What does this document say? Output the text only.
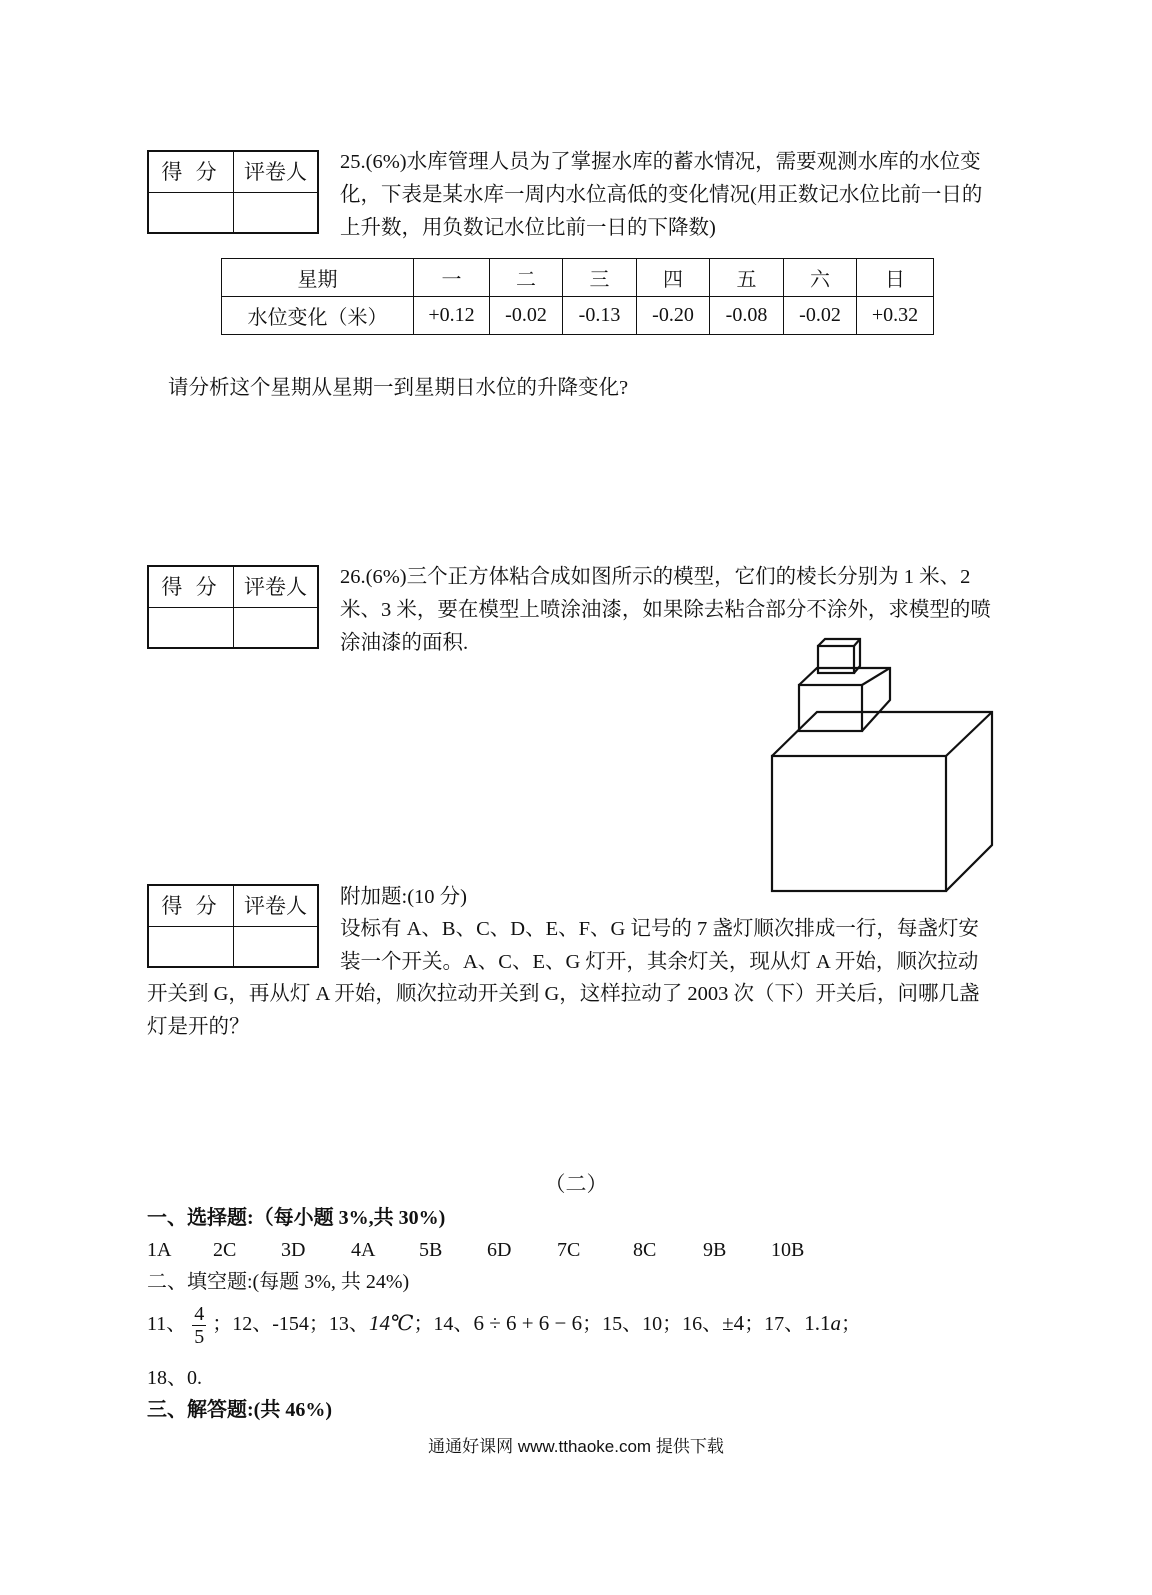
得 分	评卷人	25.(6%)水库管理人员为了掌握水库的蓄水情况，需要观测水库的水位变
化，下表是某水库一周内水位高低的变化情况(用正数记水位比前一日的
上升数，用负数记水位比前一日的下降数)
星期	一	二	三	四	五	六	日
水位变化（米）	+0.12	-0.02	-0.13	-0.20	-0.08	-0.02	+0.32
请分析这个星期从星期一到星期日水位的升降变化?
得 分	评卷人	26.(6%)三个正方体粘合成如图所示的模型，它们的棱长分别为 1 米、2
米、3 米，要在模型上喷涂油漆，如果除去粘合部分不涂外，求模型的喷
涂油漆的面积.
得 分	评卷人	附加题:(10 分)
设标有 A、B、C、D、E、F、G 记号的 7 盏灯顺次排成一行，每盏灯安
装一个开关。A、C、E、G 灯开，其余灯关，现从灯 A 开始，顺次拉动
开关到 G，再从灯 A 开始，顺次拉动开关到 G，这样拉动了 2003 次（下）开关后，问哪几盏
灯是开的？
（二）
一、选择题:（每小题 3%,共 30%)
1A 2C 3D 4A 5B 6D 7C	8C 9B 10B
二、填空题:(每题 3%, 共 24%)
11、 $\frac{4}{5}$ ；12、-154；13、14℃；14、6 ÷ 6 + 6 − 6；15、10；16、±4；17、1.1a；
18、0.
三、解答题:(共 46%)
通通好课网 www.tthaoke.com 提供下载
